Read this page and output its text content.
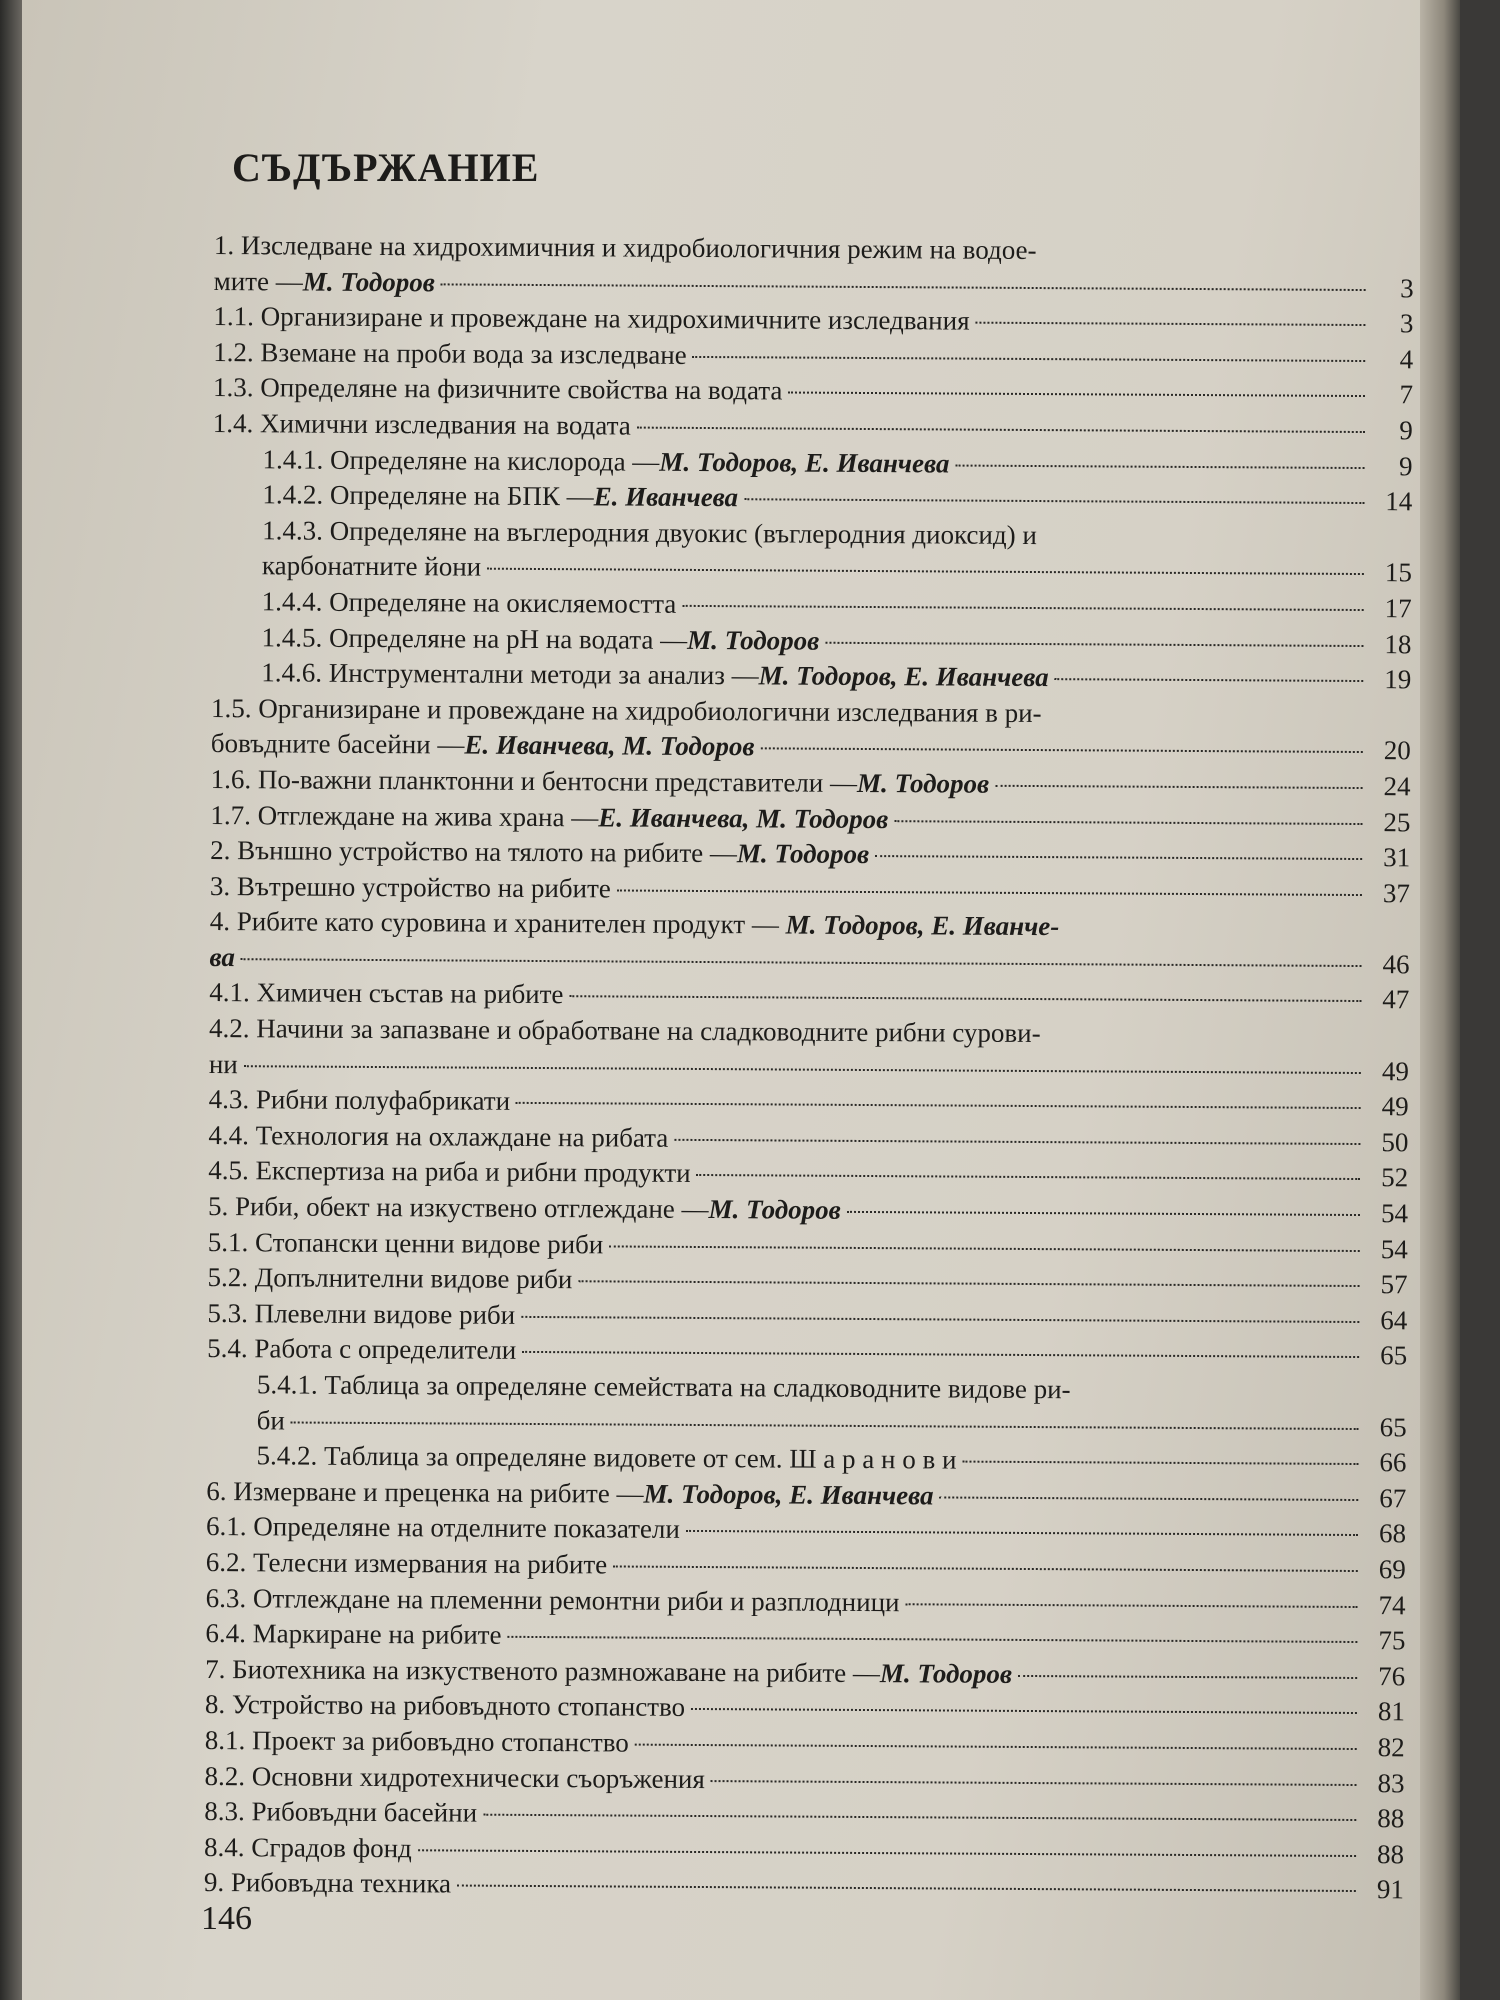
СЪДЪРЖАНИЕ
1. Изследване на хидрохимичния и хидробиологичния режим на водое-
мите — М. Тодоров	3
1.1. Организиране и провеждане на хидрохимичните изследвания	3
1.2. Вземане на проби вода за изследване	4
1.3. Определяне на физичните свойства на водата	7
1.4. Химични изследвания на водата	9
1.4.1. Определяне на кислорода — М. Тодоров, Е. Иванчева	9
1.4.2. Определяне на БПК — Е. Иванчева	14
1.4.3. Определяне на въглеродния двуокис (въглеродния диоксид) и
карбонатните йони	15
1.4.4. Определяне на окисляемостта	17
1.4.5. Определяне на pH на водата — М. Тодоров	18
1.4.6. Инструментални методи за анализ — М. Тодоров, Е. Иванчева	19
1.5. Организиране и провеждане на хидробиологични изследвания в ри-
бовъдните басейни — Е. Иванчева, М. Тодоров	20
1.6. По-важни планктонни и бентосни представители — М. Тодоров	24
1.7. Отглеждане на жива храна — Е. Иванчева, М. Тодоров	25
2. Външно устройство на тялото на рибите — М. Тодоров	31
3. Вътрешно устройство на рибите	37
4. Рибите като суровина и хранителен продукт — М. Тодоров, Е. Иванче-
ва	46
4.1. Химичен състав на рибите	47
4.2. Начини за запазване и обработване на сладководните рибни сурови-
ни	49
4.3. Рибни полуфабрикати	49
4.4. Технология на охлаждане на рибата	50
4.5. Експертиза на риба и рибни продукти	52
5. Риби, обект на изкуствено отглеждане — М. Тодоров	54
5.1. Стопански ценни видове риби	54
5.2. Допълнителни видове риби	57
5.3. Плевелни видове риби	64
5.4. Работа с определители	65
5.4.1. Таблица за определяне семействата на сладководните видове ри-
би	65
5.4.2. Таблица за определяне видовете от сем. Ш а р а н о в и	66
6. Измерване и преценка на рибите — М. Тодоров, Е. Иванчева	67
6.1. Определяне на отделните показатели	68
6.2. Телесни измервания на рибите	69
6.3. Отглеждане на племенни ремонтни риби и разплодници	74
6.4. Маркиране на рибите	75
7. Биотехника на изкуственото размножаване на рибите — М. Тодоров	76
8. Устройство на рибовъдното стопанство	81
8.1. Проект за рибовъдно стопанство	82
8.2. Основни хидротехнически съоръжения	83
8.3. Рибовъдни басейни	88
8.4. Сградов фонд	88
9. Рибовъдна техника	91

146
